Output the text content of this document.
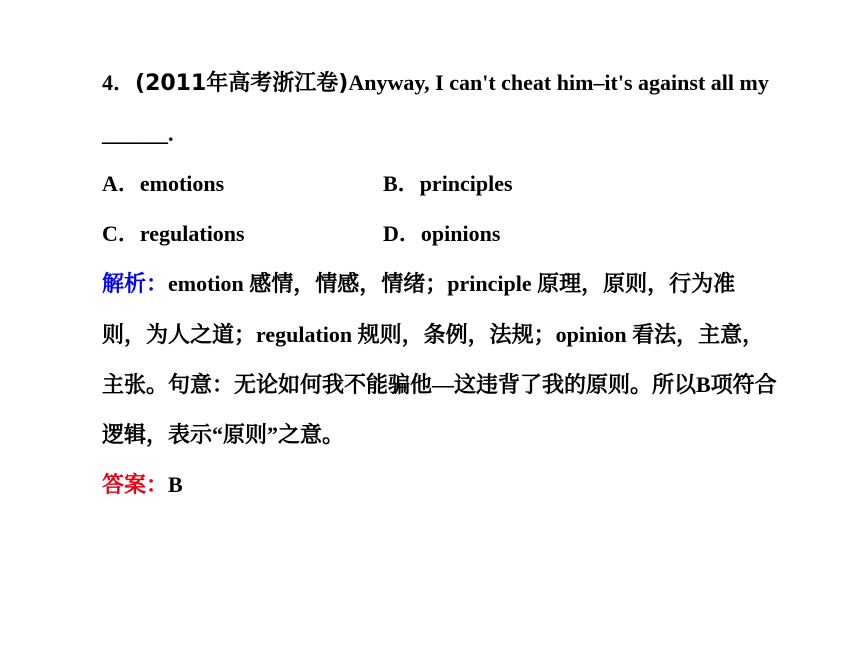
4．(2011年高考浙江卷)Anyway, I can't cheat him–it's against all my ______.

A．emotions	B．principles
C．regulations	D．opinions

解析：emotion 感情，情感，情绪；principle 原理，原则，行为准则，为人之道；regulation 规则，条例，法规；opinion 看法，主意，主张。句意：无论如何我不能骗他—这违背了我的原则。所以B项符合逻辑，表示“原则”之意。

答案：B
